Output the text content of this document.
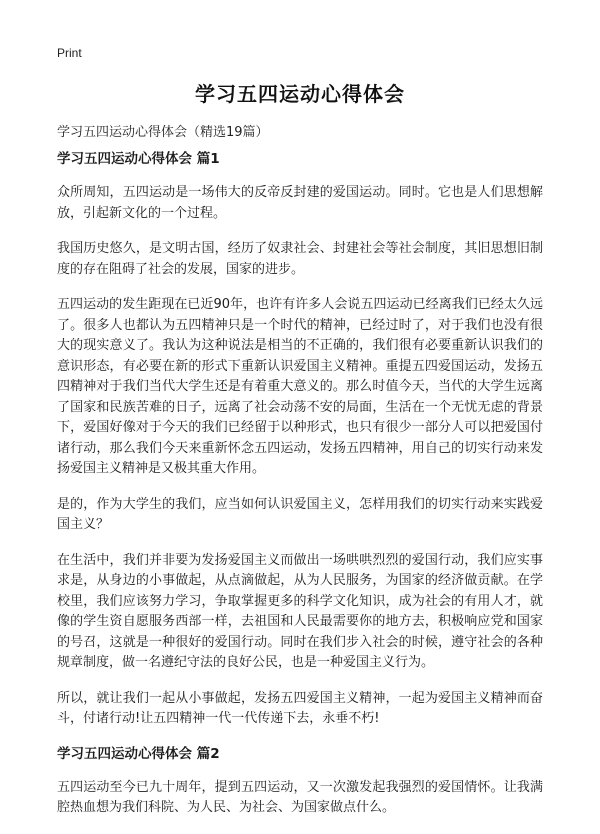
Print
学习五四运动心得体会
学习五四运动心得体会（精选19篇）
学习五四运动心得体会 篇1

众所周知，五四运动是一场伟大的反帝反封建的爱国运动。同时。它也是人们思想解放，引起新文化的一个过程。

我国历史悠久，是文明古国，经历了奴隶社会、封建社会等社会制度，其旧思想旧制度的存在阻碍了社会的发展，国家的进步。

五四运动的发生距现在已近90年，也许有许多人会说五四运动已经离我们已经太久远了。很多人也都认为五四精神只是一个时代的精神，已经过时了，对于我们也没有很大的现实意义了。我认为这种说法是相当的不正确的，我们很有必要重新认识我们的意识形态，有必要在新的形式下重新认识爱国主义精神。重提五四爱国运动，发扬五四精神对于我们当代大学生还是有着重大意义的。那么时值今天，当代的大学生远离了国家和民族苦难的日子，远离了社会动荡不安的局面，生活在一个无忧无虑的背景下，爱国好像对于今天的我们已经留于以种形式，也只有很少一部分人可以把爱国付诸行动，那么我们今天来重新怀念五四运动，发扬五四精神，用自己的切实行动来发扬爱国主义精神是又极其重大作用。

是的，作为大学生的我们，应当如何认识爱国主义，怎样用我们的切实行动来实践爱国主义？

在生活中，我们并非要为发扬爱国主义而做出一场哄哄烈烈的爱国行动，我们应实事求是，从身边的小事做起，从点滴做起，从为人民服务，为国家的经济做贡献。在学校里，我们应该努力学习，争取掌握更多的科学文化知识，成为社会的有用人才，就像的学生资自愿服务西部一样，去祖国和人民最需要你的地方去，积极响应党和国家的号召，这就是一种很好的爱国行动。同时在我们步入社会的时候，遵守社会的各种规章制度，做一名遵纪守法的良好公民，也是一种爱国主义行为。

所以，就让我们一起从小事做起，发扬五四爱国主义精神，一起为爱国主义精神而奋斗，付诸行动!让五四精神一代一代传递下去，永垂不朽!

学习五四运动心得体会 篇2

五四运动至今已九十周年，提到五四运动，又一次激发起我强烈的爱国情怀。让我满腔热血想为我们科院、为人民、为社会、为国家做点什么。
